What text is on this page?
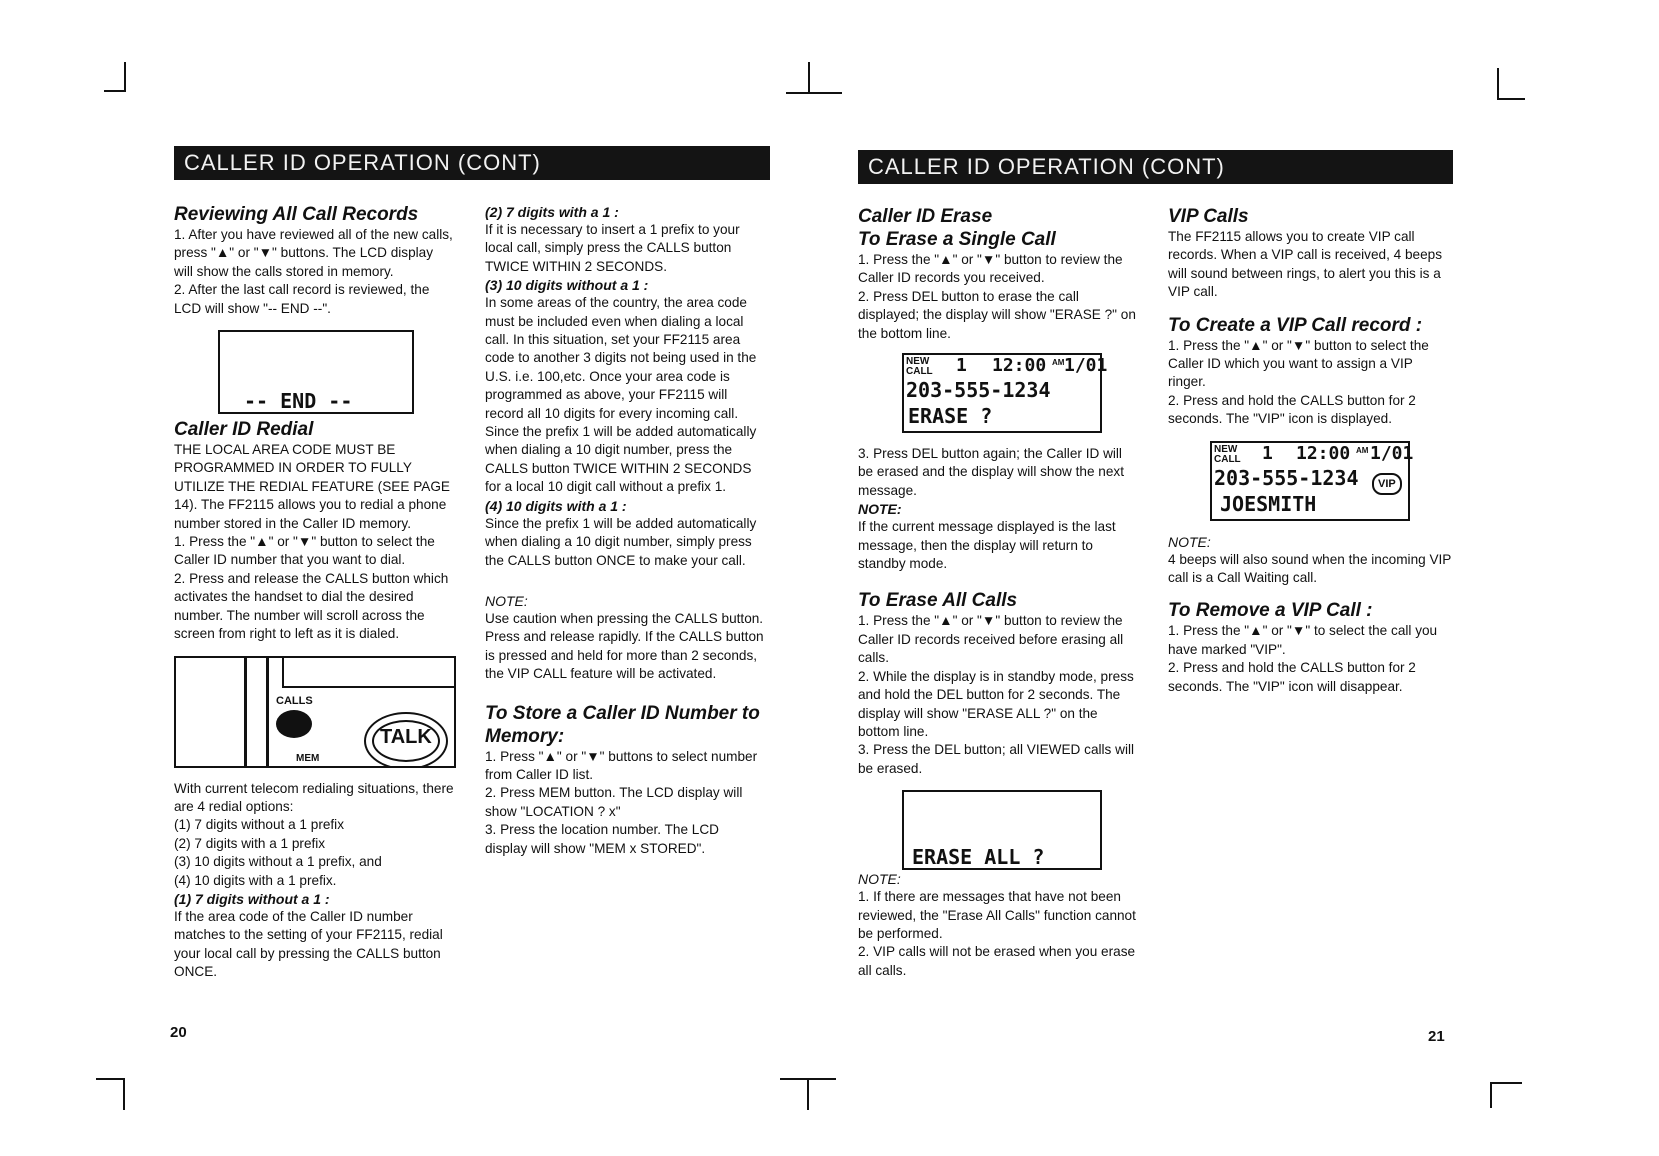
CALLER ID OPERATION (CONT)

Reviewing All Call Records

1. After you have reviewed all of the new calls, press "▲" or "▼" buttons. The LCD display will show the calls stored in memory.

2. After the last call record is reviewed, the LCD will show "-- END --".

-- END --

Caller ID Redial

THE LOCAL AREA CODE MUST BE PROGRAMMED IN ORDER TO FULLY UTILIZE THE REDIAL FEATURE (SEE PAGE 14). The FF2115 allows you to redial a phone number stored in the Caller ID memory.

1. Press the "▲" or "▼" button to select the Caller ID number that you want to dial.

2. Press and release the CALLS button which activates the handset to dial the desired number. The number will scroll across the screen from right to left as it is dialed.

CALLS
MEM
TALK

With current telecom redialing situations, there are 4 redial options:

(1) 7 digits without a 1 prefix

(2) 7 digits with a 1 prefix

(3) 10 digits without a 1 prefix, and

(4) 10 digits with a 1 prefix.

(1) 7 digits without a 1 :

If the area code of the Caller ID number matches to the setting of your FF2115, redial your local call by pressing the CALLS button ONCE.

20

(2) 7 digits with a 1 :

If it is necessary to insert a 1 prefix to your local call, simply press the CALLS button TWICE WITHIN 2 SECONDS.

(3) 10 digits without a 1 :

In some areas of the country, the area code must be included even when dialing a local call. In this situation, set your FF2115 area code to another 3 digits not being used in the U.S. i.e. 100,etc. Once your area code is programmed as above, your FF2115 will record all 10 digits for every incoming call. Since the prefix 1 will be added automatically when dialing a 10 digit number, press the CALLS button TWICE WITHIN 2 SECONDS for a local 10 digit call without a prefix 1.

(4) 10 digits with a 1 :

Since the prefix 1 will be added automatically when dialing a 10 digit number, simply press the CALLS button ONCE to make your call.

NOTE:

Use caution when pressing the CALLS button. Press and release rapidly. If the CALLS button is pressed and held for more than 2 seconds, the VIP CALL feature will be activated.

To Store a Caller ID Number to Memory:

1. Press "▲" or "▼" buttons to select number from Caller ID list.

2. Press MEM button. The LCD display will show "LOCATION ? x"

3. Press the location number. The LCD display will show "MEM x STORED".

CALLER ID OPERATION (CONT)

Caller ID Erase

To Erase a Single Call

1. Press the "▲" or "▼" button to review the Caller ID records you received.

2. Press DEL button to erase the call displayed; the display will show "ERASE ?" on the bottom line.

NEW CALL 1 12:00 AM 1/01
203-555-1234
ERASE ?

3. Press DEL button again; the Caller ID will be erased and the display will show the next message.

NOTE:

If the current message displayed is the last message, then the display will return to standby mode.

To Erase All Calls

1. Press the "▲" or "▼" button to review the Caller ID records received before erasing all calls.

2. While the display is in standby mode, press and hold the DEL button for 2 seconds. The display will show "ERASE ALL ?" on the bottom line.

3. Press the DEL button; all VIEWED calls will be erased.

ERASE ALL ?

NOTE:

1. If there are messages that have not been reviewed, the "Erase All Calls" function cannot be performed.

2. VIP calls will not be erased when you erase all calls.

VIP Calls

The FF2115 allows you to create VIP call records. When a VIP call is received, 4 beeps will sound between rings, to alert you this is a VIP call.

To Create a VIP Call record :

1. Press the "▲" or "▼" button to select the Caller ID which you want to assign a VIP ringer.

2. Press and hold the CALLS button for 2 seconds. The "VIP" icon is displayed.

NEW CALL 1 12:00 AM 1/01
203-555-1234	VIP
JOESMITH

NOTE:

4 beeps will also sound when the incoming VIP call is a Call Waiting call.

To Remove a VIP Call :

1. Press the "▲" or "▼" to select the call you have marked "VIP".

2. Press and hold the CALLS button for 2 seconds. The "VIP" icon will disappear.

21
